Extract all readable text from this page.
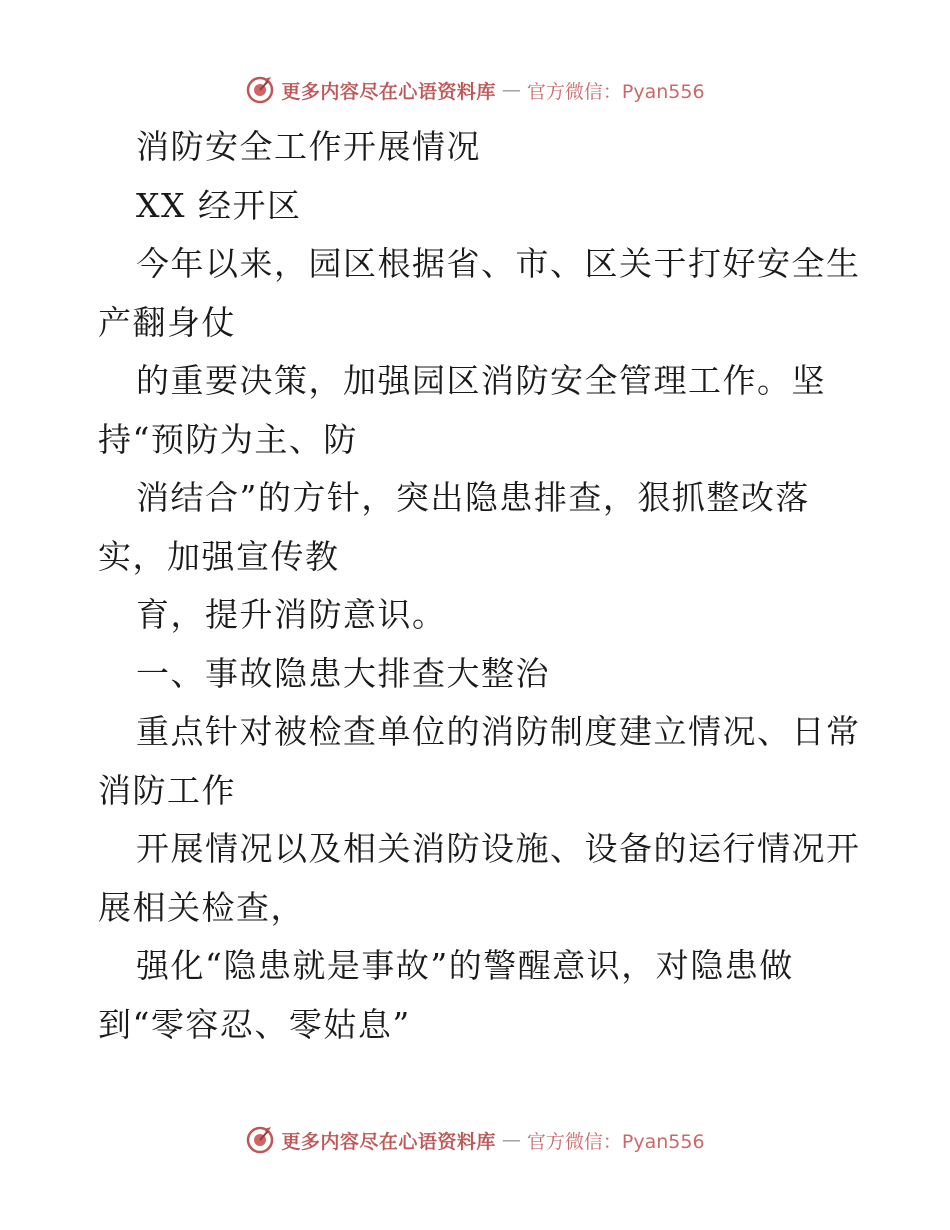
更多内容尽在心语资料库 — 官方微信：Pyan556
消防安全工作开展情况
XX 经开区
今年以来，园区根据省、市、区关于打好安全生
产翻身仗
的重要决策，加强园区消防安全管理工作。坚
持“预防为主、防
消结合”的方针，突出隐患排查，狠抓整改落
实，加强宣传教
育，提升消防意识。
一、事故隐患大排查大整治
重点针对被检查单位的消防制度建立情况、日常
消防工作
开展情况以及相关消防设施、设备的运行情况开
展相关检查，
强化“隐患就是事故”的警醒意识，对隐患做
到“零容忍、零姑息”
更多内容尽在心语资料库 — 官方微信：Pyan556
